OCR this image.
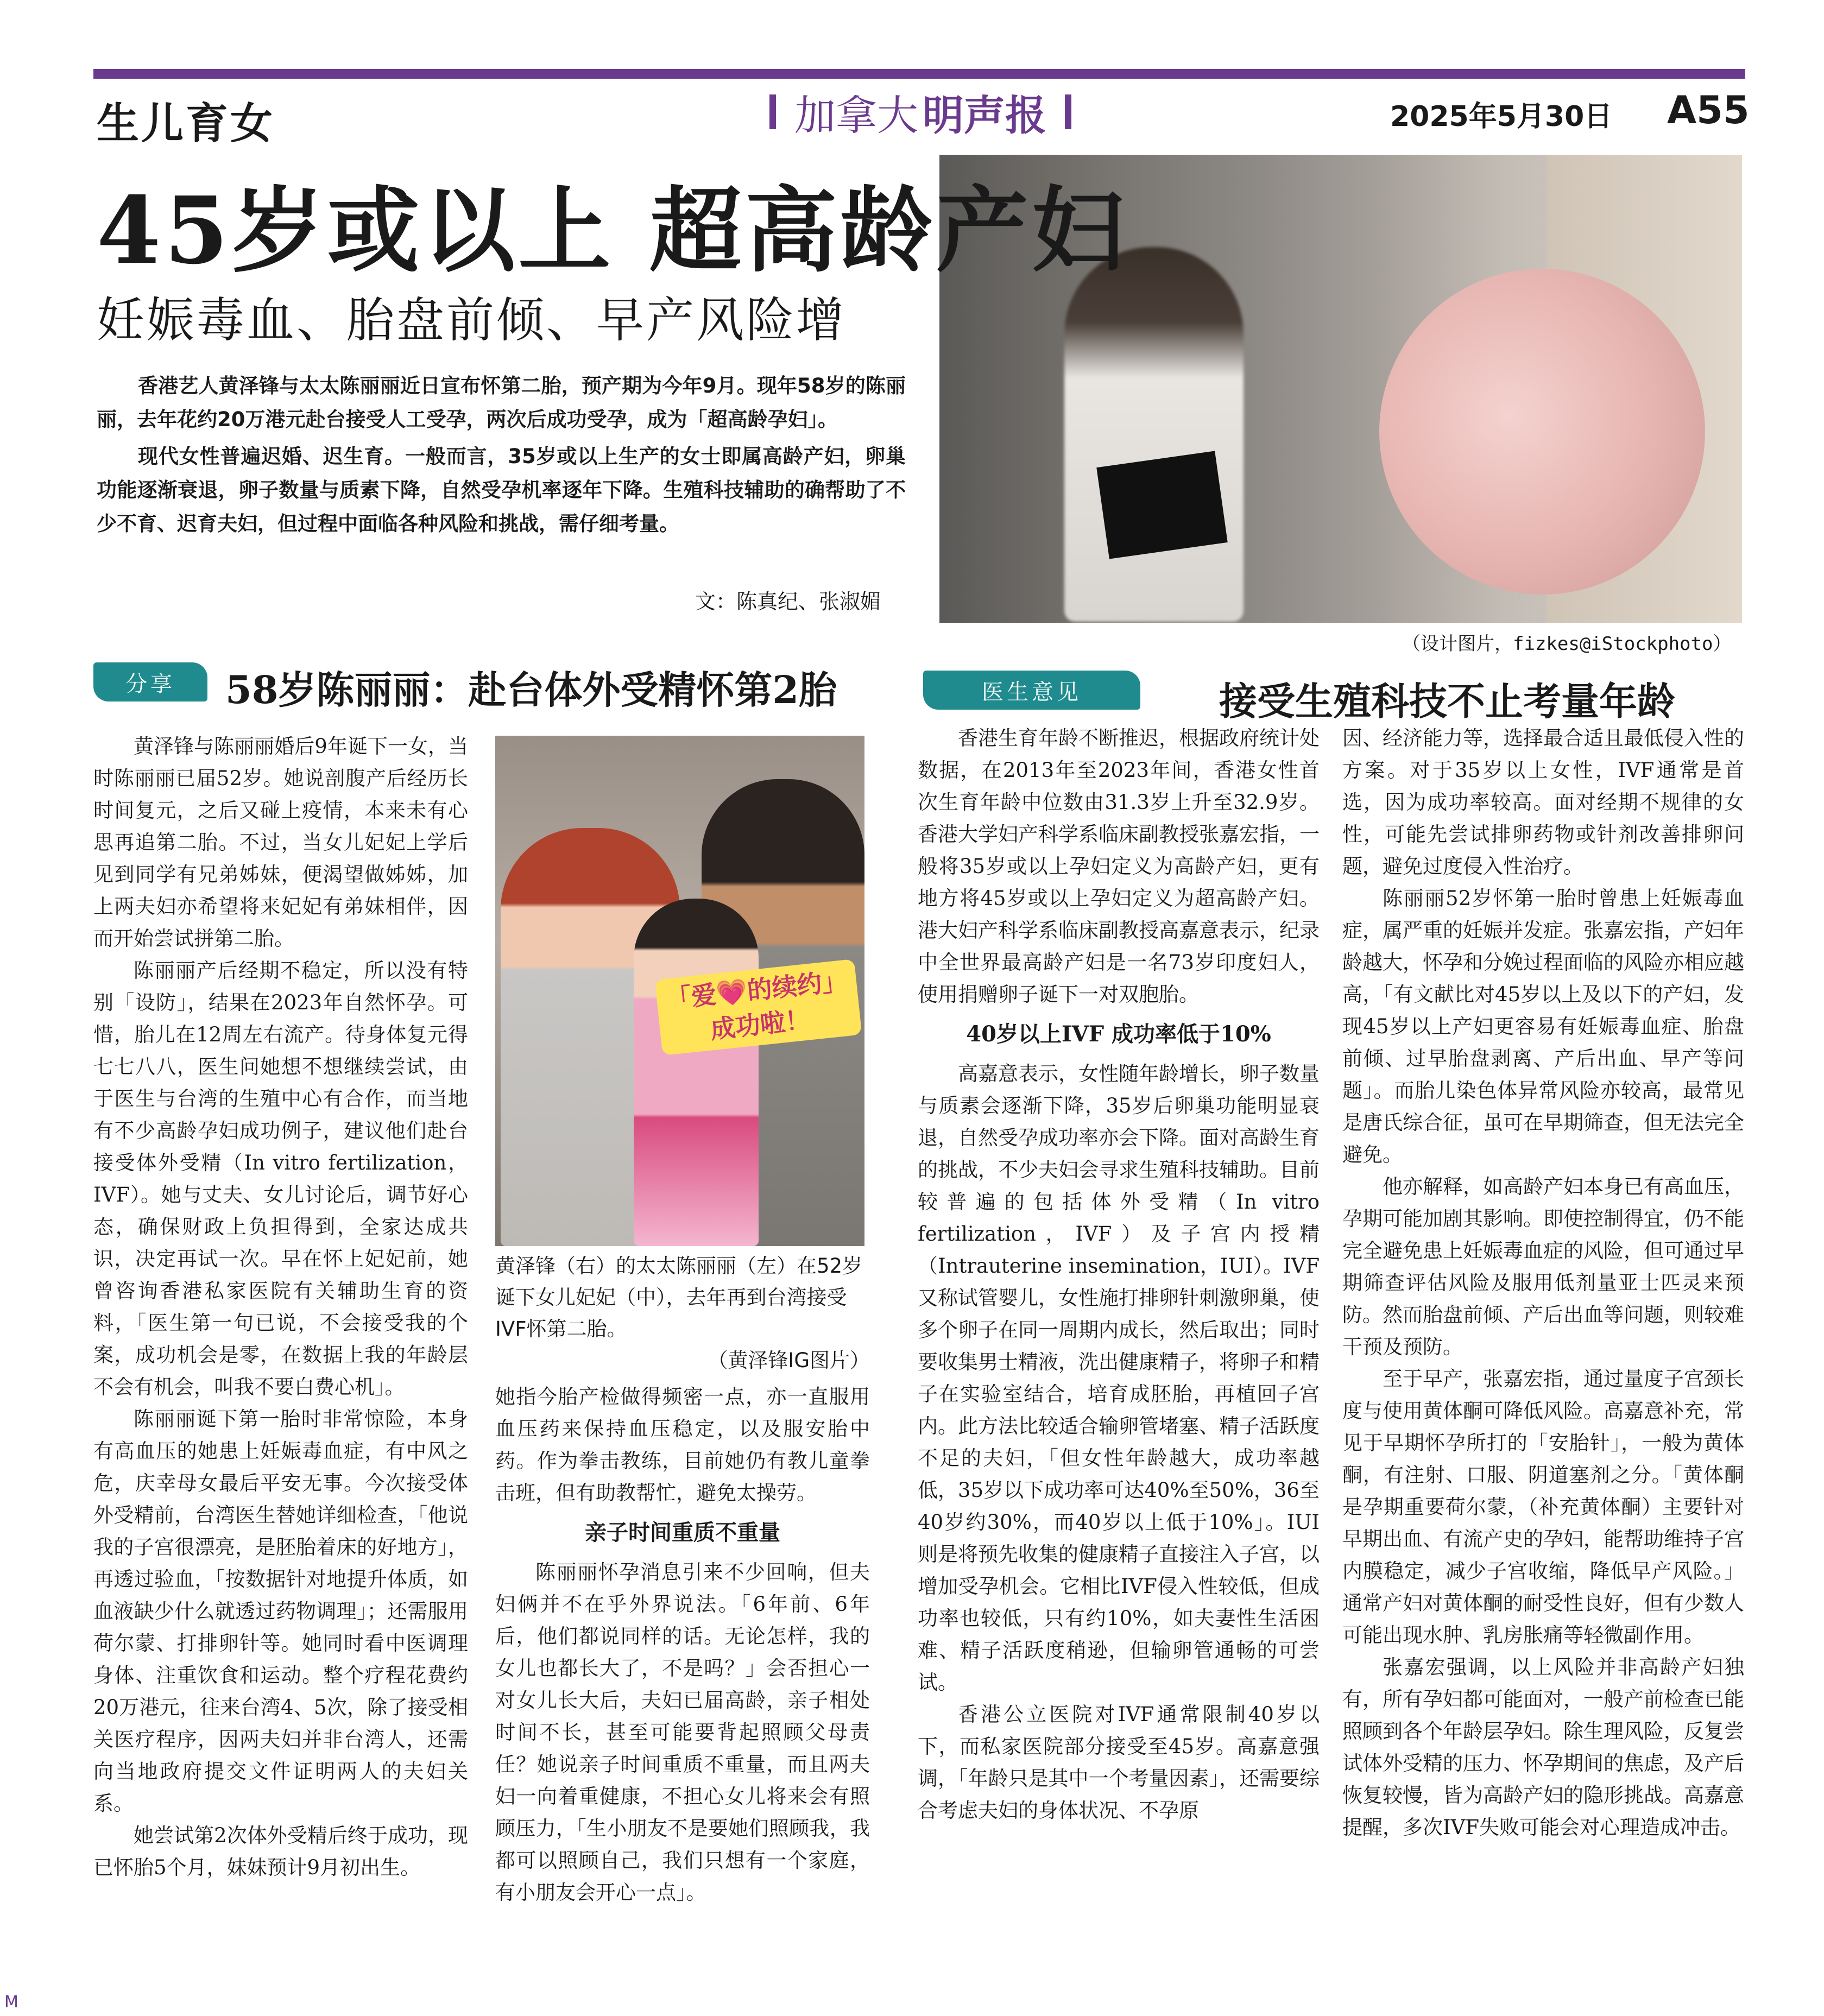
生儿育女	加拿大 明声报	2025年5月30日 A55
（设计图片，fizkes@iStockphoto）
45岁或以上 超高龄产妇
妊娠毒血、胎盘前倾、早产风险增

香港艺人黄泽锋与太太陈丽丽近日宣布怀第二胎，预产期为今年9月。现年58岁的陈丽丽，去年花约20万港元赴台接受人工受孕，两次后成功受孕，成为「超高龄孕妇」。

现代女性普遍迟婚、迟生育。一般而言，35岁或以上生产的女士即属高龄产妇，卵巢功能逐渐衰退，卵子数量与质素下降，自然受孕机率逐年下降。生殖科技辅助的确帮助了不少不育、迟育夫妇，但过程中面临各种风险和挑战，需仔细考量。

文：陈真纪、张淑媚
分享	58岁陈丽丽：赴台体外受精怀第2胎

黄泽锋与陈丽丽婚后9年诞下一女，当时陈丽丽已届52岁。她说剖腹产后经历长时间复元，之后又碰上疫情，本来未有心思再追第二胎。不过，当女儿妃妃上学后见到同学有兄弟姊妹，便渴望做姊姊，加上两夫妇亦希望将来妃妃有弟妹相伴，因而开始尝试拼第二胎。

陈丽丽产后经期不稳定，所以没有特别「设防」，结果在2023年自然怀孕。可惜，胎儿在12周左右流产。待身体复元得七七八八，医生问她想不想继续尝试，由于医生与台湾的生殖中心有合作，而当地有不少高龄孕妇成功例子，建议他们赴台接受体外受精（In vitro fertilization，IVF）。她与丈夫、女儿讨论后，调节好心态，确保财政上负担得到，全家达成共识，决定再试一次。早在怀上妃妃前，她曾咨询香港私家医院有关辅助生育的资料，「医生第一句已说，不会接受我的个案，成功机会是零，在数据上我的年龄层不会有机会，叫我不要白费心机」。

陈丽丽诞下第一胎时非常惊险，本身有高血压的她患上妊娠毒血症，有中风之危，庆幸母女最后平安无事。今次接受体外受精前，台湾医生替她详细检查，「他说我的子宫很漂亮，是胚胎着床的好地方」，再透过验血，「按数据针对地提升体质，如血液缺少什么就透过药物调理」；还需服用荷尔蒙、打排卵针等。她同时看中医调理身体、注重饮食和运动。整个疗程花费约20万港元，往来台湾4、5次，除了接受相关医疗程序，因两夫妇并非台湾人，还需向当地政府提交文件证明两人的夫妇关系。

她尝试第2次体外受精后终于成功，现已怀胎5个月，妹妹预计9月初出生。

「爱💗的续约」
成功啦！
黄泽锋（右）的太太陈丽丽（左）在52岁诞下女儿妃妃（中），去年再到台湾接受IVF怀第二胎。
（黄泽锋IG图片）

她指今胎产检做得频密一点，亦一直服用血压药来保持血压稳定，以及服安胎中药。作为拳击教练，目前她仍有教儿童拳击班，但有助教帮忙，避免太操劳。

亲子时间重质不重量

陈丽丽怀孕消息引来不少回响，但夫妇俩并不在乎外界说法。「6年前、6年后，他们都说同样的话。无论怎样，我的女儿也都长大了，不是吗？」会否担心一对女儿长大后，夫妇已届高龄，亲子相处时间不长，甚至可能要背起照顾父母责任？她说亲子时间重质不重量，而且两夫妇一向着重健康，不担心女儿将来会有照顾压力，「生小朋友不是要她们照顾我，我都可以照顾自己，我们只想有一个家庭，有小朋友会开心一点」。

医生意见	接受生殖科技不止考量年龄

香港生育年龄不断推迟，根据政府统计处数据，在2013年至2023年间，香港女性首次生育年龄中位数由31.3岁上升至32.9岁。香港大学妇产科学系临床副教授张嘉宏指，一般将35岁或以上孕妇定义为高龄产妇，更有地方将45岁或以上孕妇定义为超高龄产妇。港大妇产科学系临床副教授高嘉意表示，纪录中全世界最高龄产妇是一名73岁印度妇人，使用捐赠卵子诞下一对双胞胎。

40岁以上IVF 成功率低于10%

高嘉意表示，女性随年龄增长，卵子数量与质素会逐渐下降，35岁后卵巢功能明显衰退，自然受孕成功率亦会下降。面对高龄生育的挑战，不少夫妇会寻求生殖科技辅助。目前较普遍的包括体外受精（In vitro fertilization，IVF）及子宫内授精（Intrauterine insemination，IUI）。IVF又称试管婴儿，女性施打排卵针刺激卵巢，使多个卵子在同一周期内成长，然后取出；同时要收集男士精液，洗出健康精子，将卵子和精子在实验室结合，培育成胚胎，再植回子宫内。此方法比较适合输卵管堵塞、精子活跃度不足的夫妇，「但女性年龄越大，成功率越低，35岁以下成功率可达40%至50%，36至40岁约30%，而40岁以上低于10%」。IUI则是将预先收集的健康精子直接注入子宫，以增加受孕机会。它相比IVF侵入性较低，但成功率也较低，只有约10%，如夫妻性生活困难、精子活跃度稍逊，但输卵管通畅的可尝试。

香港公立医院对IVF通常限制40岁以下，而私家医院部分接受至45岁。高嘉意强调，「年龄只是其中一个考量因素」，还需要综合考虑夫妇的身体状况、不孕原

因、经济能力等，选择最合适且最低侵入性的方案。对于35岁以上女性，IVF通常是首选，因为成功率较高。面对经期不规律的女性，可能先尝试排卵药物或针剂改善排卵问题，避免过度侵入性治疗。

陈丽丽52岁怀第一胎时曾患上妊娠毒血症，属严重的妊娠并发症。张嘉宏指，产妇年龄越大，怀孕和分娩过程面临的风险亦相应越高，「有文献比对45岁以上及以下的产妇，发现45岁以上产妇更容易有妊娠毒血症、胎盘前倾、过早胎盘剥离、产后出血、早产等问题」。而胎儿染色体异常风险亦较高，最常见是唐氏综合征，虽可在早期筛查，但无法完全避免。

他亦解释，如高龄产妇本身已有高血压，孕期可能加剧其影响。即使控制得宜，仍不能完全避免患上妊娠毒血症的风险，但可通过早期筛查评估风险及服用低剂量亚士匹灵来预防。然而胎盘前倾、产后出血等问题，则较难干预及预防。

至于早产，张嘉宏指，通过量度子宫颈长度与使用黄体酮可降低风险。高嘉意补充，常见于早期怀孕所打的「安胎针」，一般为黄体酮，有注射、口服、阴道塞剂之分。「黄体酮是孕期重要荷尔蒙，（补充黄体酮）主要针对早期出血、有流产史的孕妇，能帮助维持子宫内膜稳定，减少子宫收缩，降低早产风险。」通常产妇对黄体酮的耐受性良好，但有少数人可能出现水肿、乳房胀痛等轻微副作用。

张嘉宏强调，以上风险并非高龄产妇独有，所有孕妇都可能面对，一般产前检查已能照顾到各个年龄层孕妇。除生理风险，反复尝试体外受精的压力、怀孕期间的焦虑，及产后恢复较慢，皆为高龄产妇的隐形挑战。高嘉意提醒，多次IVF失败可能会对心理造成冲击。

M
